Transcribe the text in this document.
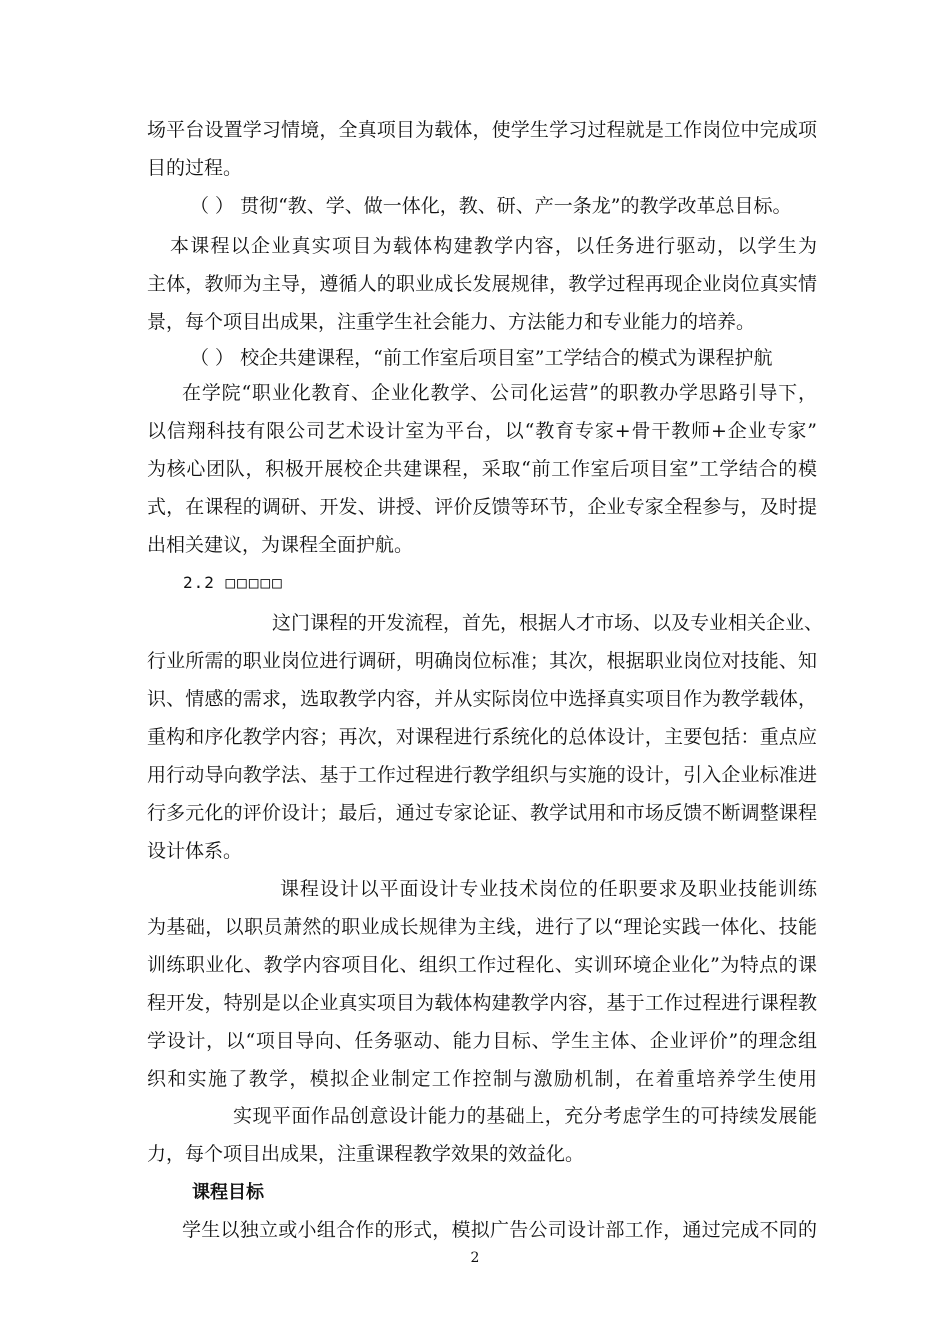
场平台设置学习情境，全真项目为载体，使学生学习过程就是工作岗位中完成项
目的过程。
（ ） 贯彻“教、学、做一体化，教、研、产一条龙”的教学改革总目标。
本课程以企业真实项目为载体构建教学内容，以任务进行驱动，以学生为
主体，教师为主导，遵循人的职业成长发展规律，教学过程再现企业岗位真实情
景，每个项目出成果，注重学生社会能力、方法能力和专业能力的培养。
（ ） 校企共建课程，“前工作室后项目室”工学结合的模式为课程护航
在学院“职业化教育、企业化教学、公司化运营”的职教办学思路引导下，
以信翔科技有限公司艺术设计室为平台，以“教育专家+骨干教师+企业专家”
为核心团队，积极开展校企共建课程，采取“前工作室后项目室”工学结合的模
式，在课程的调研、开发、讲授、评价反馈等环节，企业专家全程参与，及时提
出相关建议，为课程全面护航。
2.2 □□□□□
这门课程的开发流程，首先，根据人才市场、以及专业相关企业、
行业所需的职业岗位进行调研，明确岗位标准；其次，根据职业岗位对技能、知
识、情感的需求，选取教学内容，并从实际岗位中选择真实项目作为教学载体，
重构和序化教学内容；再次，对课程进行系统化的总体设计，主要包括：重点应
用行动导向教学法、基于工作过程进行教学组织与实施的设计，引入企业标准进
行多元化的评价设计；最后，通过专家论证、教学试用和市场反馈不断调整课程
设计体系。
课程设计以平面设计专业技术岗位的任职要求及职业技能训练
为基础，以职员萧然的职业成长规律为主线，进行了以“理论实践一体化、技能
训练职业化、教学内容项目化、组织工作过程化、实训环境企业化”为特点的课
程开发，特别是以企业真实项目为载体构建教学内容，基于工作过程进行课程教
学设计，以“项目导向、任务驱动、能力目标、学生主体、企业评价”的理念组
织和实施了教学，模拟企业制定工作控制与激励机制，在着重培养学生使用
实现平面作品创意设计能力的基础上，充分考虑学生的可持续发展能
力，每个项目出成果，注重课程教学效果的效益化。
课程目标
学生以独立或小组合作的形式，模拟广告公司设计部工作，通过完成不同的
2
